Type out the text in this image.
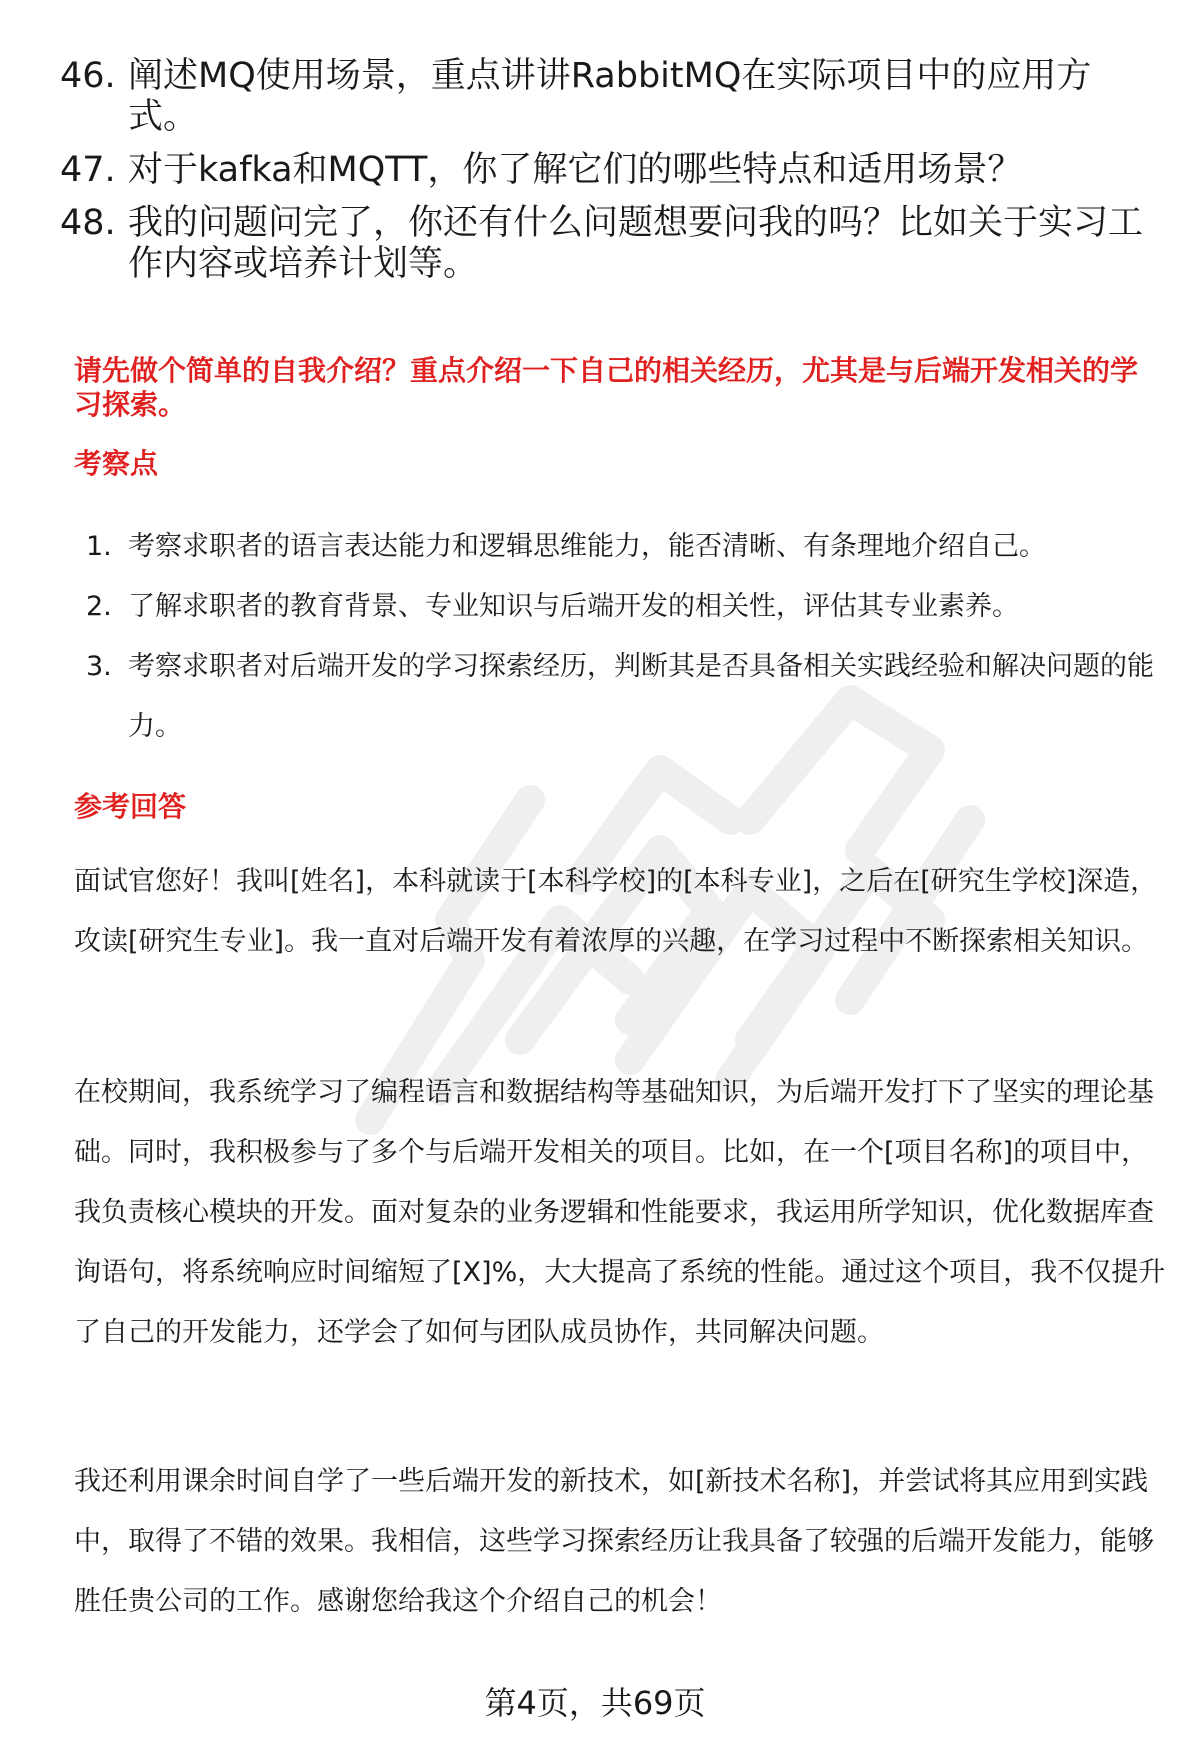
46. 阐述MQ使用场景，重点讲讲RabbitMQ在实际项目中的应用方式。
47. 对于kafka和MQTT，你了解它们的哪些特点和适用场景？
48. 我的问题问完了，你还有什么问题想要问我的吗？比如关于实习工作内容或培养计划等。
请先做个简单的自我介绍？重点介绍一下自己的相关经历，尤其是与后端开发相关的学习探索。
考察点
1. 考察求职者的语言表达能力和逻辑思维能力，能否清晰、有条理地介绍自己。
2. 了解求职者的教育背景、专业知识与后端开发的相关性，评估其专业素养。
3. 考察求职者对后端开发的学习探索经历，判断其是否具备相关实践经验和解决问题的能力。
参考回答
面试官您好！我叫[姓名]，本科就读于[本科学校]的[本科专业]，之后在[研究生学校]深造，攻读[研究生专业]。我一直对后端开发有着浓厚的兴趣，在学习过程中不断探索相关知识。
在校期间，我系统学习了编程语言和数据结构等基础知识，为后端开发打下了坚实的理论基础。同时，我积极参与了多个与后端开发相关的项目。比如，在一个[项目名称]的项目中，我负责核心模块的开发。面对复杂的业务逻辑和性能要求，我运用所学知识，优化数据库查询语句，将系统响应时间缩短了[X]%，大大提高了系统的性能。通过这个项目，我不仅提升了自己的开发能力，还学会了如何与团队成员协作，共同解决问题。
我还利用课余时间自学了一些后端开发的新技术，如[新技术名称]，并尝试将其应用到实践中，取得了不错的效果。我相信，这些学习探索经历让我具备了较强的后端开发能力，能够胜任贵公司的工作。感谢您给我这个介绍自己的机会！
第4页，共69页
